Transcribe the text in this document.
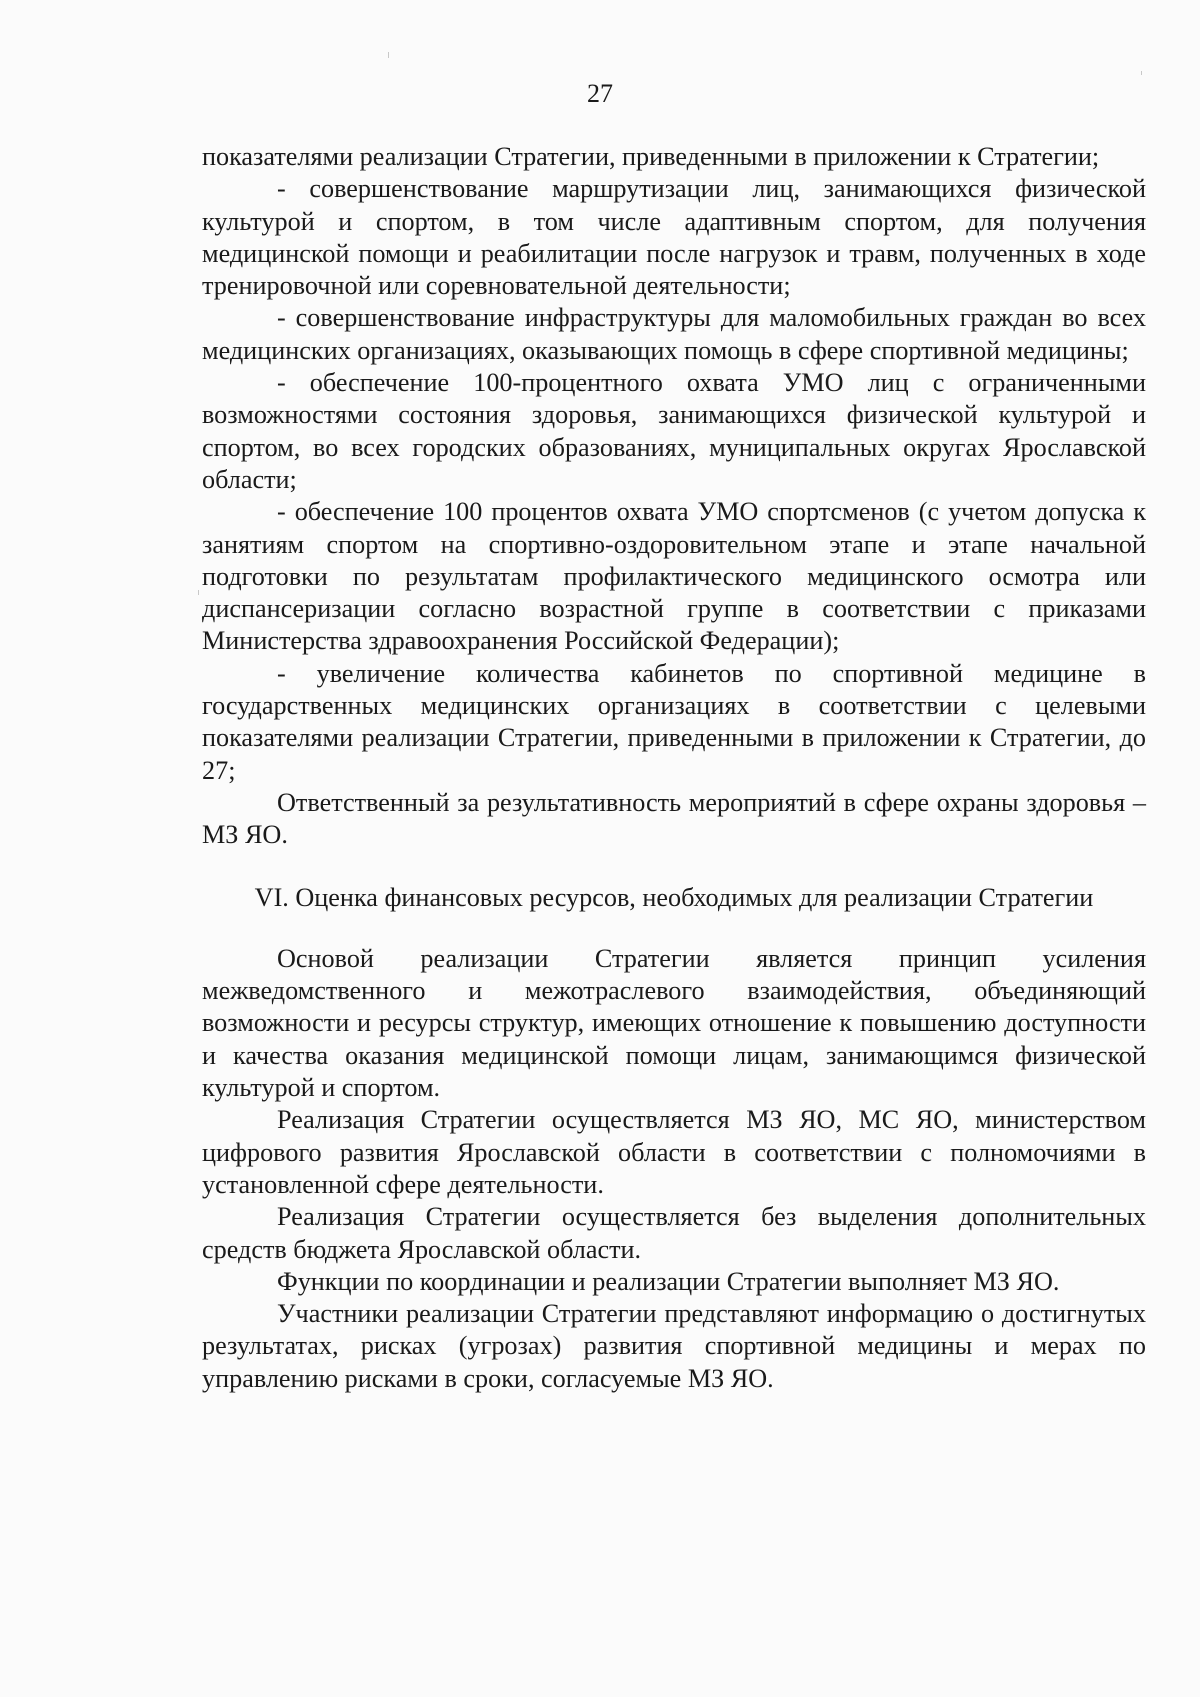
27

показателями реализации Стратегии, приведенными в приложении к Стратегии;

- совершенствование маршрутизации лиц, занимающихся физической культурой и спортом, в том числе адаптивным спортом, для получения медицинской помощи и реабилитации после нагрузок и травм, полученных в ходе тренировочной или соревновательной деятельности;

- совершенствование инфраструктуры для маломобильных граждан во всех медицинских организациях, оказывающих помощь в сфере спортивной медицины;

- обеспечение 100-процентного охвата УМО лиц с ограниченными возможностями состояния здоровья, занимающихся физической культурой и спортом, во всех городских образованиях, муниципальных округах Ярославской области;

- обеспечение 100 процентов охвата УМО спортсменов (с учетом допуска к занятиям спортом на спортивно-оздоровительном этапе и этапе начальной подготовки по результатам профилактического медицинского осмотра или диспансеризации согласно возрастной группе в соответствии с приказами Министерства здравоохранения Российской Федерации);

- увеличение количества кабинетов по спортивной медицине в государственных медицинских организациях в соответствии с целевыми показателями реализации Стратегии, приведенными в приложении к Стратегии, до 27;

Ответственный за результативность мероприятий в сфере охраны здоровья – МЗ ЯО.

VI. Оценка финансовых ресурсов, необходимых для реализации Стратегии

Основой реализации Стратегии является принцип усиления межведомственного и межотраслевого взаимодействия, объединяющий возможности и ресурсы структур, имеющих отношение к повышению доступности и качества оказания медицинской помощи лицам, занимающимся физической культурой и спортом.

Реализация Стратегии осуществляется МЗ ЯО, МС ЯО, министерством цифрового развития Ярославской области в соответствии с полномочиями в установленной сфере деятельности.

Реализация Стратегии осуществляется без выделения дополнительных средств бюджета Ярославской области.

Функции по координации и реализации Стратегии выполняет МЗ ЯО.

Участники реализации Стратегии представляют информацию о достигнутых результатах, рисках (угрозах) развития спортивной медицины и мерах по управлению рисками в сроки, согласуемые МЗ ЯО.
